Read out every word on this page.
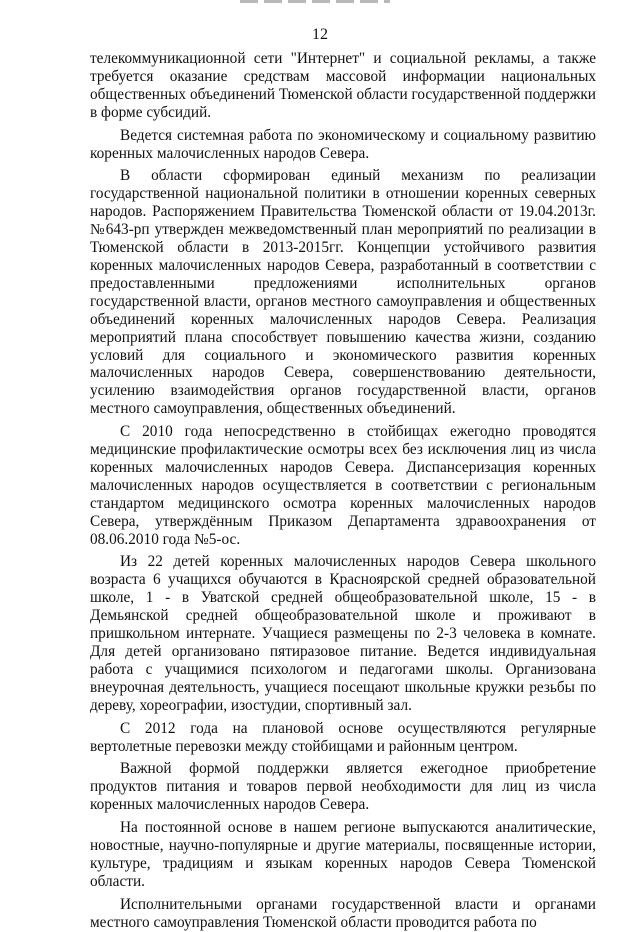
12

телекоммуникационной сети "Интернет" и социальной рекламы, а также требуется оказание средствам массовой информации национальных общественных объединений Тюменской области государственной поддержки в форме субсидий.

Ведется системная работа по экономическому и социальному развитию коренных малочисленных народов Севера.

В области сформирован единый механизм по реализации государственной национальной политики в отношении коренных северных народов. Распоряжением Правительства Тюменской области от 19.04.2013г. №643-рп утвержден межведомственный план мероприятий по реализации в Тюменской области в 2013-2015гг. Концепции устойчивого развития коренных малочисленных народов Севера, разработанный в соответствии с предоставленными предложениями исполнительных органов государственной власти, органов местного самоуправления и общественных объединений коренных малочисленных народов Севера. Реализация мероприятий плана способствует повышению качества жизни, созданию условий для социального и экономического развития коренных малочисленных народов Севера, совершенствованию деятельности, усилению взаимодействия органов государственной власти, органов местного самоуправления, общественных объединений.

С 2010 года непосредственно в стойбищах ежегодно проводятся медицинские профилактические осмотры всех без исключения лиц из числа коренных малочисленных народов Севера. Диспансеризация коренных малочисленных народов осуществляется в соответствии с региональным стандартом медицинского осмотра коренных малочисленных народов Севера, утверждённым Приказом Департамента здравоохранения от 08.06.2010 года №5-ос.

Из 22 детей коренных малочисленных народов Севера школьного возраста 6 учащихся обучаются в Красноярской средней образовательной школе, 1 - в Уватской средней общеобразовательной школе, 15 - в Демьянской средней общеобразовательной школе и проживают в пришкольном интернате. Учащиеся размещены по 2-3 человека в комнате. Для детей организовано пятиразовое питание. Ведется индивидуальная работа с учащимися психологом и педагогами школы. Организована внеурочная деятельность, учащиеся посещают школьные кружки резьбы по дереву, хореографии, изостудии, спортивный зал.

С 2012 года на плановой основе осуществляются регулярные вертолетные перевозки между стойбищами и районным центром.

Важной формой поддержки является ежегодное приобретение продуктов питания и товаров первой необходимости для лиц из числа коренных малочисленных народов Севера.

На постоянной основе в нашем регионе выпускаются аналитические, новостные, научно-популярные и другие материалы, посвященные истории, культуре, традициям и языкам коренных народов Севера Тюменской области.

Исполнительными органами государственной власти и органами местного самоуправления Тюменской области проводится работа по
